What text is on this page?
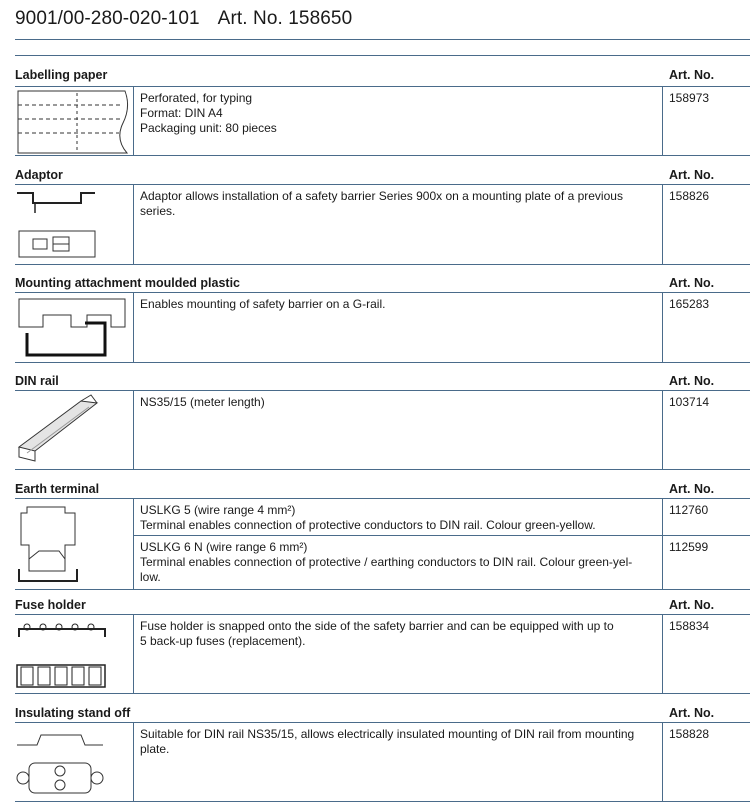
9001/00-280-020-101 Art. No. 158650
Labelling paper	Art. No.
Perforated, for typing
Format: DIN A4
Packaging unit: 80 pieces
158973
Adaptor	Art. No.
Adaptor allows installation of a safety barrier Series 900x on a mounting plate of a previous
series.
158826
Mounting attachment moulded plastic	Art. No.
Enables mounting of safety barrier on a G-rail.	165283
DIN rail	Art. No.
NS35/15 (meter length)	103714
Earth terminal	Art. No.
USLKG 5 (wire range 4 mm²)
Terminal enables connection of protective conductors to DIN rail. Colour green-yellow.
112760
USLKG 6 N (wire range 6 mm²)
Terminal enables connection of protective / earthing conductors to DIN rail. Colour green-yel-
low.
112599
Fuse holder	Art. No.
Fuse holder is snapped onto the side of the safety barrier and can be equipped with up to
5 back-up fuses (replacement).
158834
Insulating stand off	Art. No.
Suitable for DIN rail NS35/15, allows electrically insulated mounting of DIN rail from mounting
plate.
158828
